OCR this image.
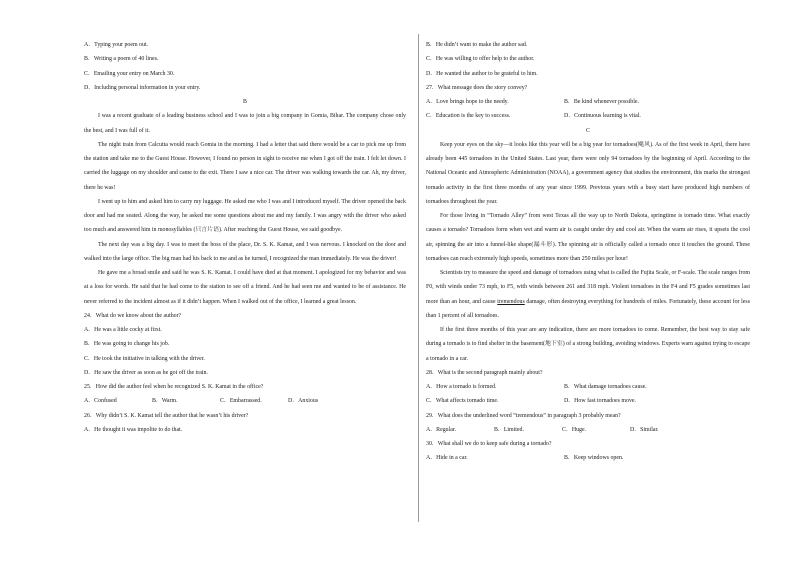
A．Typing your poem out.
B．Writing a poem of 40 lines.
C．Emailing your entry on March 30.
D．Including personal information in your entry.
B
I was a recent graduate of a leading business school and I was to join a big company in Gomia, Bihar. The company chose only the best, and I was full of it.
The night train from Calcutta would reach Gomia in the morning. I had a letter that said there would be a car to pick me up from the station and take me to the Guest House. However, I found no person in sight to receive me when I got off the train. I felt let down. I carried the luggage on my shoulder and came to the exit. There I saw a nice car. The driver was walking towards the car. Ah, my driver, there he was!
I went up to him and asked him to carry my luggage. He asked me who I was and I introduced myself. The driver opened the back door and had me seated. Along the way, he asked me some questions about me and my family. I was angry with the driver who asked too much and answered him in monosyllables (只言片语). After reaching the Guest House, we said goodbye.
The next day was a big day. I was to meet the boss of the place, Dr. S. K. Kamat, and I was nervous. I knocked on the door and walked into the large office. The big man had his back to me and as he turned, I recognized the man immediately. He was the driver!
He gave me a broad smile and said he was S. K. Kamat. I could have died at that moment. I apologized for my behavior and was at a loss for words. He said that he had come to the station to see off a friend. And he had seen me and wanted to be of assistance. He never referred to the incident almost as if it didn’t happen. When I walked out of the office, I learned a great lesson.
24．What do we know about the author?
A．He was a little cocky at first.
B．He was going to change his job.
C．He took the initiative in talking with the driver.
D．He saw the driver as soon as he got off the train.
25．How did the author feel when he recognized S. K. Kamat in the office?
A．Confused	B．Warm.	C．Embarrassed.	D．Anxious
26．Why didn’t S. K. Kamat tell the author that he wasn’t his driver?
A．He thought it was impolite to do that.
B．He didn’t want to make the author sad.
C．He was willing to offer help to the author.
D．He wanted the author to be grateful to him.
27．What message does the story convey?
A．Love brings hope to the needy.	B．Be kind whenever possible.
C．Education is the key to success.	D．Continuous learning is vital.
C
Keep your eyes on the sky—it looks like this year will be a big year for tornadoes(飓风). As of the first week in April, there have already been 445 tornadoes in the United States. Last year, there were only 94 tornadoes by the beginning of April. According to the National Oceanic and Atmospheric Administration (NOAA), a government agency that studies the environment, this marks the strongest tornado activity in the first three months of any year since 1999. Previous years with a busy start have produced high numbers of tornadoes throughout the year.
For those living in “Tornado Alley” from west Texas all the way up to North Dakota, springtime is tornado time. What exactly causes a tornado? Tornadoes form when wet and warm air is caught under dry and cool air. When the warm air rises, it upsets the cool air, spinning the air into a funnel-like shape(漏斗形). The spinning air is officially called a tornado once it touches the ground. These tornadoes can reach extremely high speeds, sometimes more than 250 miles per hour!
Scientists try to measure the speed and damage of tornadoes using what is called the Fujita Scale, or F-scale. The scale ranges from F0, with winds under 73 mph, to F5, with winds between 261 and 318 mph. Violent tornadoes in the F4 and F5 grades sometimes last more than an hour, and cause tremendous damage, often destroying everything for hundreds of miles. Fortunately, these account for less than 1 percent of all tornadoes.
If the first three months of this year are any indication, there are more tornadoes to come. Remember, the best way to stay safe during a tornado is to find shelter in the basement(地下室) of a strong building, avoiding windows. Experts warn against trying to escape a tornado in a car.
28．What is the second paragraph mainly about?
A．How a tornado is formed.	B．What damage tornadoes cause.
C．What affects tornado time.	D．How fast tornadoes move.
29．What does the underlined word “tremendous” in paragraph 3 probably mean?
A．Regular.	B．Limited.	C．Huge.	D．Similar.
30．What shall we do to keep safe during a tornado?
A．Hide in a car.	B．Keep windows open.
